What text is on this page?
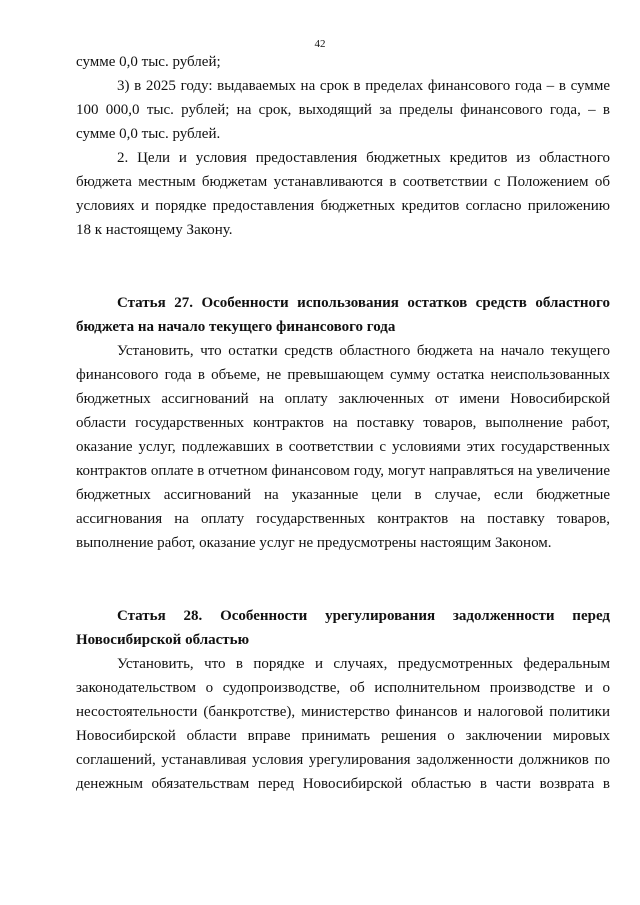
42

сумме 0,0 тыс. рублей;

3) в 2025 году: выдаваемых на срок в пределах финансового года – в сумме 100 000,0 тыс. рублей; на срок, выходящий за пределы финансового года, – в сумме 0,0 тыс. рублей.

2. Цели и условия предоставления бюджетных кредитов из областного бюджета местным бюджетам устанавливаются в соответствии с Положением об условиях и порядке предоставления бюджетных кредитов согласно приложению 18 к настоящему Закону.

Статья 27. Особенности использования остатков средств областного бюджета на начало текущего финансового года

Установить, что остатки средств областного бюджета на начало текущего финансового года в объеме, не превышающем сумму остатка неиспользованных бюджетных ассигнований на оплату заключенных от имени Новосибирской области государственных контрактов на поставку товаров, выполнение работ, оказание услуг, подлежавших в соответствии с условиями этих государственных контрактов оплате в отчетном финансовом году, могут направляться на увеличение бюджетных ассигнований на указанные цели в случае, если бюджетные ассигнования на оплату государственных контрактов на поставку товаров, выполнение работ, оказание услуг не предусмотрены настоящим Законом.

Статья 28. Особенности урегулирования задолженности перед

Новосибирской областью

Установить, что в порядке и случаях, предусмотренных федеральным законодательством о судопроизводстве, об исполнительном производстве и о несостоятельности (банкротстве), министерство финансов и налоговой политики Новосибирской области вправе принимать решения о заключении мировых соглашений, устанавливая условия урегулирования задолженности должников по денежным обязательствам перед Новосибирской областью в части возврата в
